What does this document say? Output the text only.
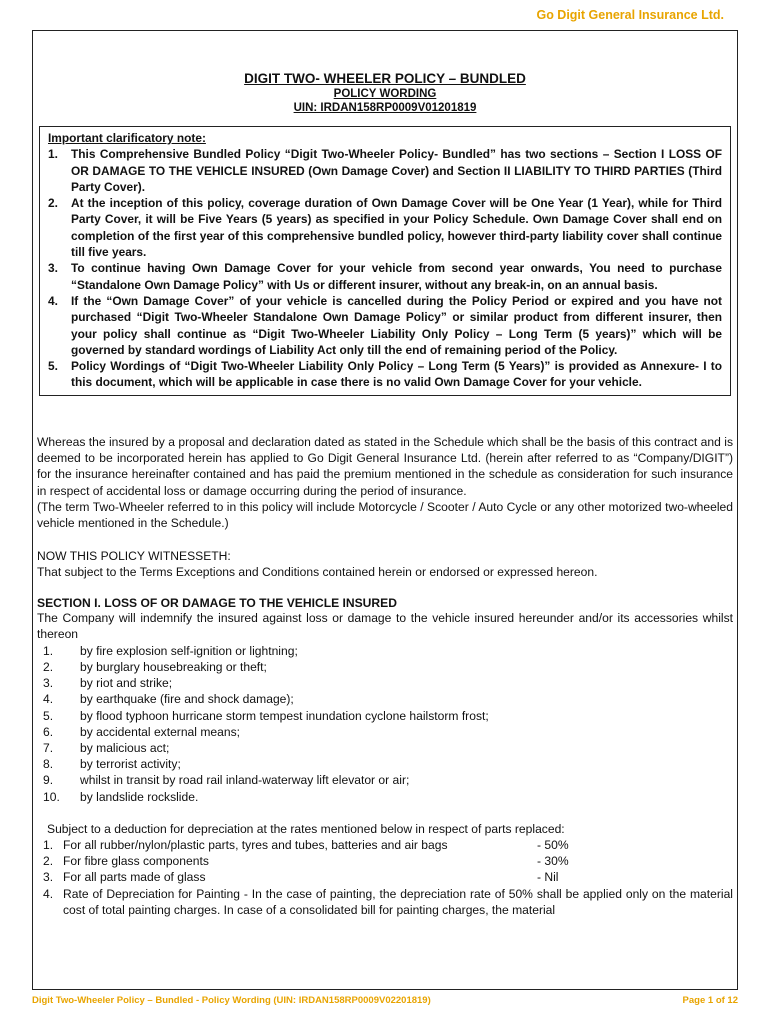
Go Digit General Insurance Ltd.
DIGIT TWO- WHEELER POLICY – BUNDLED
POLICY WORDING
UIN: IRDAN158RP0009V01201819
Important clarificatory note:
1.	This Comprehensive Bundled Policy “Digit Two-Wheeler Policy- Bundled” has two sections – Section I LOSS OF OR DAMAGE TO THE VEHICLE INSURED (Own Damage Cover) and Section II LIABILITY TO THIRD PARTIES (Third Party Cover).
2.	At the inception of this policy, coverage duration of Own Damage Cover will be One Year (1 Year), while for Third Party Cover, it will be Five Years (5 years) as specified in your Policy Schedule. Own Damage Cover shall end on completion of the first year of this comprehensive bundled policy, however third-party liability cover shall continue till five years.
3.	To continue having Own Damage Cover for your vehicle from second year onwards, You need to purchase “Standalone Own Damage Policy” with Us or different insurer, without any break-in, on an annual basis.
4.	If the “Own Damage Cover” of your vehicle is cancelled during the Policy Period or expired and you have not purchased “Digit Two-Wheeler Standalone Own Damage Policy” or similar product from different insurer, then your policy shall continue as “Digit Two-Wheeler Liability Only Policy – Long Term (5 years)” which will be governed by standard wordings of Liability Act only till the end of remaining period of the Policy.
5.	Policy Wordings of “Digit Two-Wheeler Liability Only Policy – Long Term (5 Years)” is provided as Annexure- I to this document, which will be applicable in case there is no valid Own Damage Cover for your vehicle.

Whereas the insured by a proposal and declaration dated as stated in the Schedule which shall be the basis of this contract and is deemed to be incorporated herein has applied to Go Digit General Insurance Ltd. (herein after referred to as “Company/DIGIT”) for the insurance hereinafter contained and has paid the premium mentioned in the schedule as consideration for such insurance in respect of accidental loss or damage occurring during the period of insurance.

(The term Two-Wheeler referred to in this policy will include Motorcycle / Scooter / Auto Cycle or any other motorized two-wheeled vehicle mentioned in the Schedule.)

NOW THIS POLICY WITNESSETH:

That subject to the Terms Exceptions and Conditions contained herein or endorsed or expressed hereon.

SECTION I. LOSS OF OR DAMAGE TO THE VEHICLE INSURED

The Company will indemnify the insured against loss or damage to the vehicle insured hereunder and/or its accessories whilst thereon

1.	by fire explosion self-ignition or lightning;
2.	by burglary housebreaking or theft;
3.	by riot and strike;
4.	by earthquake (fire and shock damage);
5.	by flood typhoon hurricane storm tempest inundation cyclone hailstorm frost;
6.	by accidental external means;
7.	by malicious act;
8.	by terrorist activity;
9.	whilst in transit by road rail inland-waterway lift elevator or air;
10.	by landslide rockslide.

Subject to a deduction for depreciation at the rates mentioned below in respect of parts replaced:

1. For all rubber/nylon/plastic parts, tyres and tubes, batteries and air bags	- 50%
2. For fibre glass components	- 30%
3. For all parts made of glass	- Nil
4. Rate of Depreciation for Painting - In the case of painting, the depreciation rate of 50% shall be applied only on the material cost of total painting charges. In case of a consolidated bill for painting charges, the material
Digit Two-Wheeler Policy – Bundled - Policy Wording (UIN: IRDAN158RP0009V02201819)	Page 1 of 12
